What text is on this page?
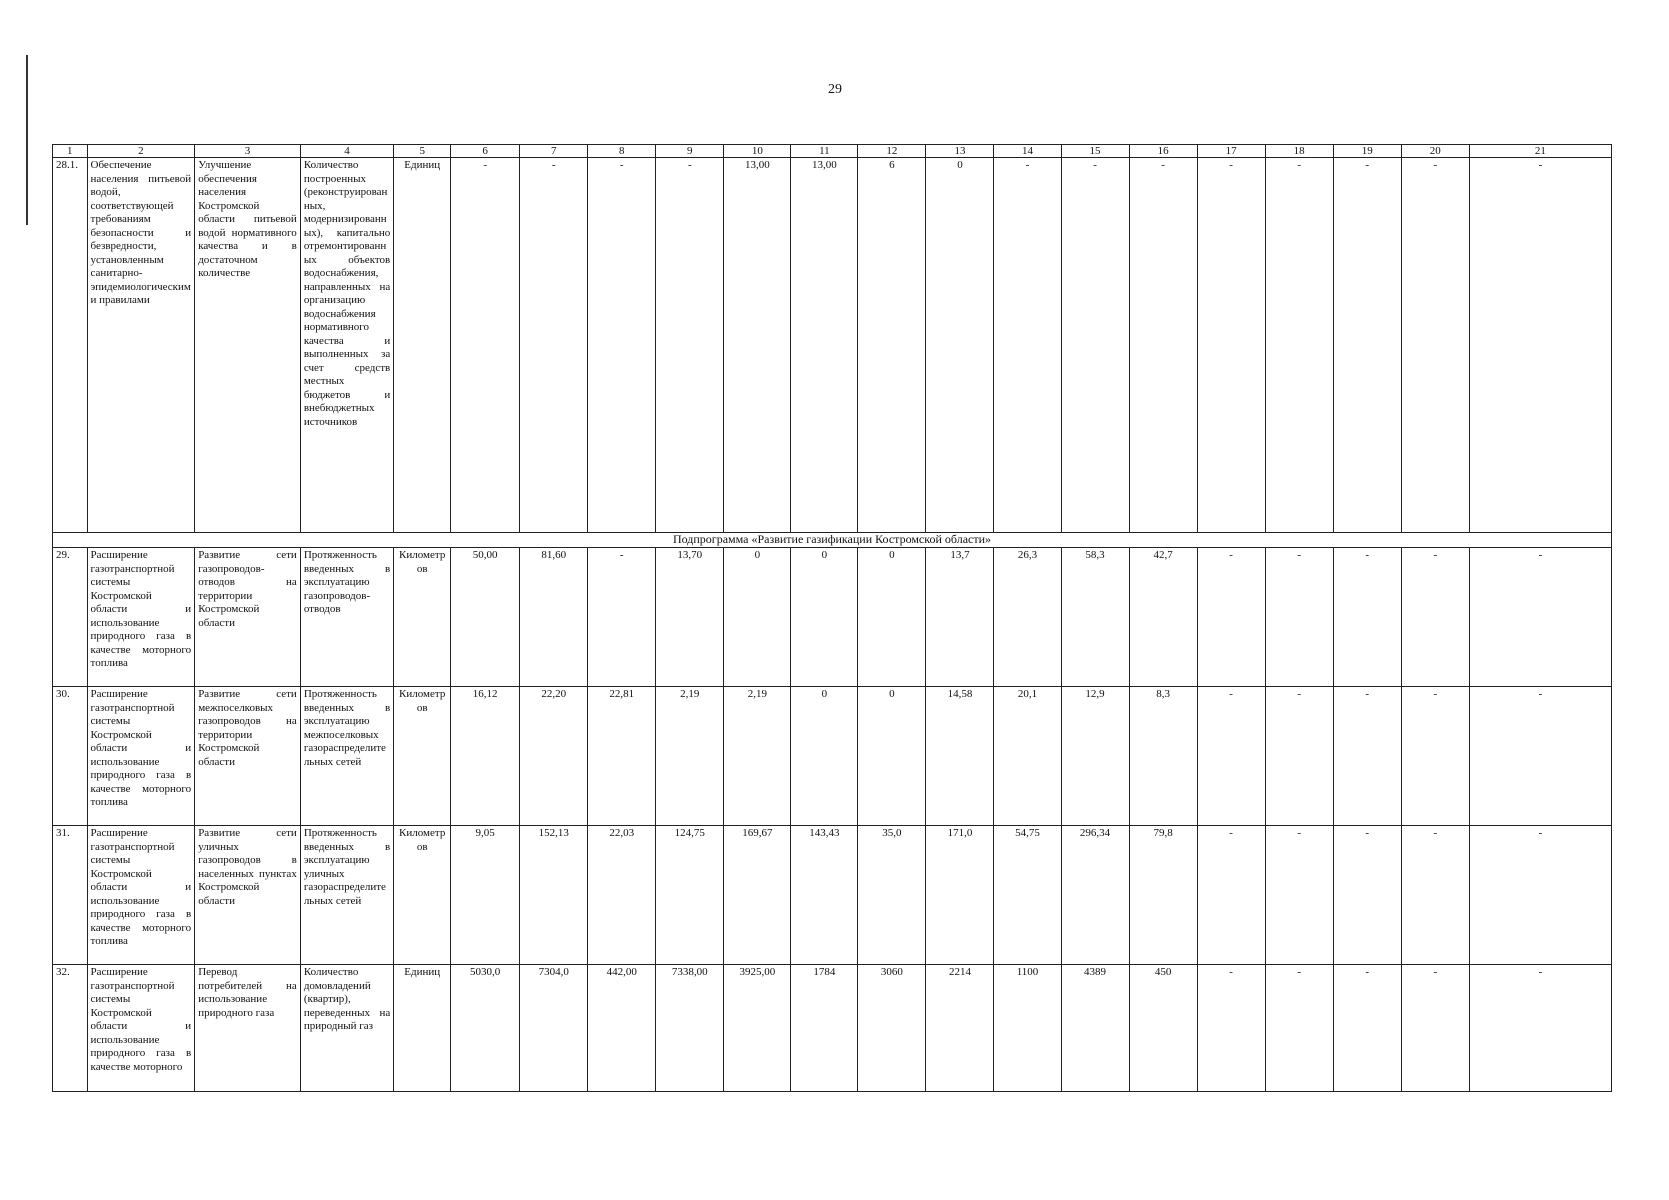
29
1	2	3	4	5	6	7	8	9	10	11	12	13	14	15	16	17	18	19	20	21
28.1.	Обеспечение населения питьевой водой, соответствующей требованиям безопасности и безвредности, установленным санитарно-эпидемиологическими правилами	Улучшение обеспечения населения Костромской области питьевой водой нормативного качества и в достаточном количестве	Количество построенных (реконструированных, модернизированных), капитально отремонтированных объектов водоснабжения, направленных на организацию водоснабжения нормативного качества и выполненных за счет средств местных бюджетов и внебюджетных источников	Единиц	-	-	-	-	13,00	13,00	6	0	-	-	-	-	-	-	-	-
Подпрограмма «Развитие газификации Костромской области»																				
29.	Расширение газотранспортной системы Костромской области и использование природного газа в качестве моторного топлива	Развитие сети газопроводов-отводов на территории Костромской области	Протяженность введенных в эксплуатацию газопроводов-отводов	Километров	50,00	81,60	-	13,70	0	0	0	13,7	26,3	58,3	42,7	-	-	-	-	-
30.	Расширение газотранспортной системы Костромской области и использование природного газа в качестве моторного топлива	Развитие сети межпоселковых газопроводов на территории Костромской области	Протяженность введенных в эксплуатацию межпоселковых газораспределительных сетей	Километров	16,12	22,20	22,81	2,19	2,19	0	0	14,58	20,1	12,9	8,3	-	-	-	-	-
31.	Расширение газотранспортной системы Костромской области и использование природного газа в качестве моторного топлива	Развитие сети уличных газопроводов в населенных пунктах Костромской области	Протяженность введенных в эксплуатацию уличных газораспределительных сетей	Километров	9,05	152,13	22,03	124,75	169,67	143,43	35,0	171,0	54,75	296,34	79,8	-	-	-	-	-
32.	Расширение газотранспортной системы Костромской области и использование природного газа в качестве моторного	Перевод потребителей на использование природного газа	Количество домовладений (квартир), переведенных на природный газ	Единиц	5030,0	7304,0	442,00	7338,00	3925,00	1784	3060	2214	1100	4389	450	-	-	-	-	-
